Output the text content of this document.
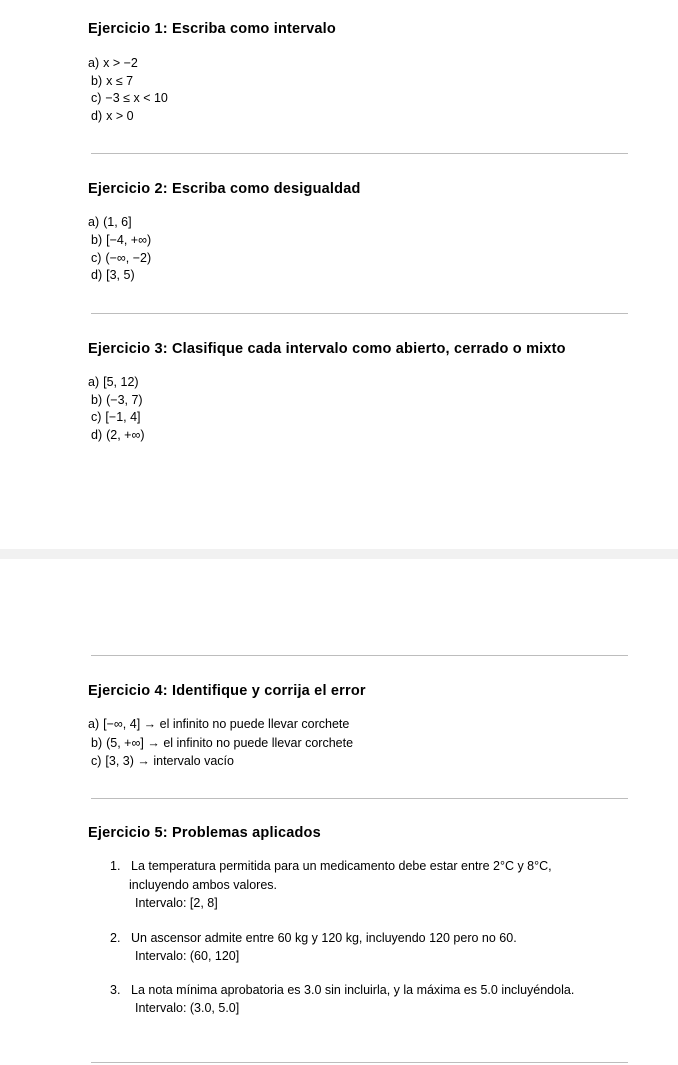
Ejercicio 1: Escriba como intervalo
a) x > −2
b) x ≤ 7
c) −3 ≤ x < 10
d) x > 0
Ejercicio 2: Escriba como desigualdad
a) (1, 6]
b) [−4, +∞)
c) (−∞, −2)
d) [3, 5)
Ejercicio 3: Clasifique cada intervalo como abierto, cerrado o mixto
a) [5, 12)
b) (−3, 7)
c) [−1, 4]
d) (2, +∞)
Ejercicio 4: Identifique y corrija el error
a) [−∞, 4] → el infinito no puede llevar corchete
b) (5, +∞] → el infinito no puede llevar corchete
c) [3, 3) → intervalo vacío
Ejercicio 5: Problemas aplicados
1. La temperatura permitida para un medicamento debe estar entre 2°C y 8°C,
incluyendo ambos valores.
Intervalo: [2, 8]
2. Un ascensor admite entre 60 kg y 120 kg, incluyendo 120 pero no 60.
Intervalo: (60, 120]
3. La nota mínima aprobatoria es 3.0 sin incluirla, y la máxima es 5.0 incluyéndola.
Intervalo: (3.0, 5.0]
